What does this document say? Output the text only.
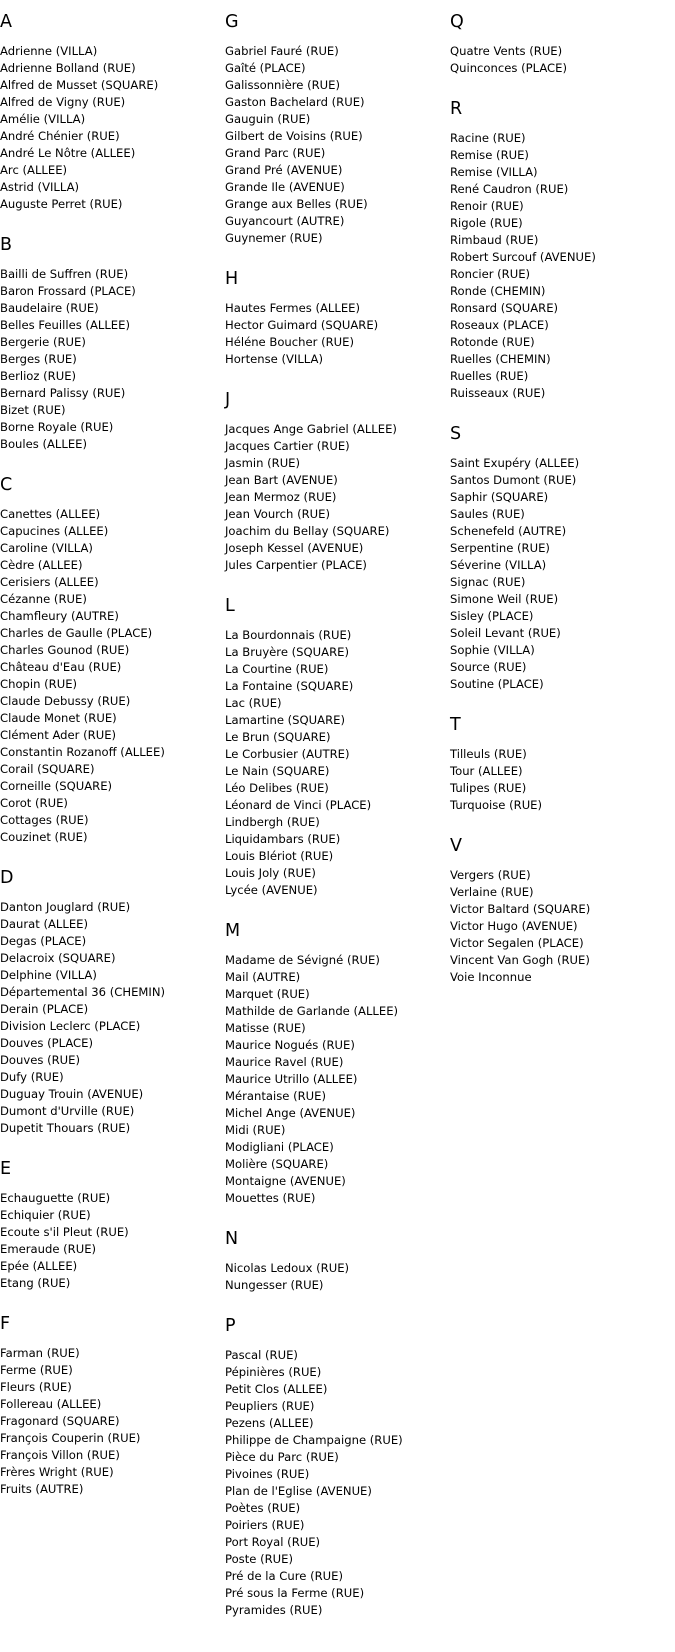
A
Adrienne (VILLA)
Adrienne Bolland (RUE)
Alfred de Musset (SQUARE)
Alfred de Vigny (RUE)
Amélie (VILLA)
André Chénier (RUE)
André Le Nôtre (ALLEE)
Arc (ALLEE)
Astrid (VILLA)
Auguste Perret (RUE)
B
Bailli de Suffren (RUE)
Baron Frossard (PLACE)
Baudelaire (RUE)
Belles Feuilles (ALLEE)
Bergerie (RUE)
Berges (RUE)
Berlioz (RUE)
Bernard Palissy (RUE)
Bizet (RUE)
Borne Royale (RUE)
Boules (ALLEE)
C
Canettes (ALLEE)
Capucines (ALLEE)
Caroline (VILLA)
Cèdre (ALLEE)
Cerisiers (ALLEE)
Cézanne (RUE)
Chamfleury (AUTRE)
Charles de Gaulle (PLACE)
Charles Gounod (RUE)
Château d'Eau (RUE)
Chopin (RUE)
Claude Debussy (RUE)
Claude Monet (RUE)
Clément Ader (RUE)
Constantin Rozanoff (ALLEE)
Corail (SQUARE)
Corneille (SQUARE)
Corot (RUE)
Cottages (RUE)
Couzinet (RUE)
D
Danton Jouglard (RUE)
Daurat (ALLEE)
Degas (PLACE)
Delacroix (SQUARE)
Delphine (VILLA)
Départemental 36 (CHEMIN)
Derain (PLACE)
Division Leclerc (PLACE)
Douves (PLACE)
Douves (RUE)
Dufy (RUE)
Duguay Trouin (AVENUE)
Dumont d'Urville (RUE)
Dupetit Thouars (RUE)
E
Echauguette (RUE)
Echiquier (RUE)
Ecoute s'il Pleut (RUE)
Emeraude (RUE)
Epée (ALLEE)
Etang (RUE)
F
Farman (RUE)
Ferme (RUE)
Fleurs (RUE)
Follereau (ALLEE)
Fragonard (SQUARE)
François Couperin (RUE)
François Villon (RUE)
Frères Wright (RUE)
Fruits (AUTRE)
G
Gabriel Fauré (RUE)
Gaîté (PLACE)
Galissonnière (RUE)
Gaston Bachelard (RUE)
Gauguin (RUE)
Gilbert de Voisins (RUE)
Grand Parc (RUE)
Grand Pré (AVENUE)
Grande Ile (AVENUE)
Grange aux Belles (RUE)
Guyancourt (AUTRE)
Guynemer (RUE)
H
Hautes Fermes (ALLEE)
Hector Guimard (SQUARE)
Héléne Boucher (RUE)
Hortense (VILLA)
J
Jacques Ange Gabriel (ALLEE)
Jacques Cartier (RUE)
Jasmin (RUE)
Jean Bart (AVENUE)
Jean Mermoz (RUE)
Jean Vourch (RUE)
Joachim du Bellay (SQUARE)
Joseph Kessel (AVENUE)
Jules Carpentier (PLACE)
L
La Bourdonnais (RUE)
La Bruyère (SQUARE)
La Courtine (RUE)
La Fontaine (SQUARE)
Lac (RUE)
Lamartine (SQUARE)
Le Brun (SQUARE)
Le Corbusier (AUTRE)
Le Nain (SQUARE)
Léo Delibes (RUE)
Léonard de Vinci (PLACE)
Lindbergh (RUE)
Liquidambars (RUE)
Louis Blériot (RUE)
Louis Joly (RUE)
Lycée (AVENUE)
M
Madame de Sévigné (RUE)
Mail (AUTRE)
Marquet (RUE)
Mathilde de Garlande (ALLEE)
Matisse (RUE)
Maurice Nogués (RUE)
Maurice Ravel (RUE)
Maurice Utrillo (ALLEE)
Mérantaise (RUE)
Michel Ange (AVENUE)
Midi (RUE)
Modigliani (PLACE)
Molière (SQUARE)
Montaigne (AVENUE)
Mouettes (RUE)
N
Nicolas Ledoux (RUE)
Nungesser (RUE)
P
Pascal (RUE)
Pépinières (RUE)
Petit Clos (ALLEE)
Peupliers (RUE)
Pezens (ALLEE)
Philippe de Champaigne (RUE)
Pièce du Parc (RUE)
Pivoines (RUE)
Plan de l'Eglise (AVENUE)
Poètes (RUE)
Poiriers (RUE)
Port Royal (RUE)
Poste (RUE)
Pré de la Cure (RUE)
Pré sous la Ferme (RUE)
Pyramides (RUE)
Q
Quatre Vents (RUE)
Quinconces (PLACE)
R
Racine (RUE)
Remise (RUE)
Remise (VILLA)
René Caudron (RUE)
Renoir (RUE)
Rigole (RUE)
Rimbaud (RUE)
Robert Surcouf (AVENUE)
Roncier (RUE)
Ronde (CHEMIN)
Ronsard (SQUARE)
Roseaux (PLACE)
Rotonde (RUE)
Ruelles (CHEMIN)
Ruelles (RUE)
Ruisseaux (RUE)
S
Saint Exupéry (ALLEE)
Santos Dumont (RUE)
Saphir (SQUARE)
Saules (RUE)
Schenefeld (AUTRE)
Serpentine (RUE)
Séverine (VILLA)
Signac (RUE)
Simone Weil (RUE)
Sisley (PLACE)
Soleil Levant (RUE)
Sophie (VILLA)
Source (RUE)
Soutine (PLACE)
T
Tilleuls (RUE)
Tour (ALLEE)
Tulipes (RUE)
Turquoise (RUE)
V
Vergers (RUE)
Verlaine (RUE)
Victor Baltard (SQUARE)
Victor Hugo (AVENUE)
Victor Segalen (PLACE)
Vincent Van Gogh (RUE)
Voie Inconnue
